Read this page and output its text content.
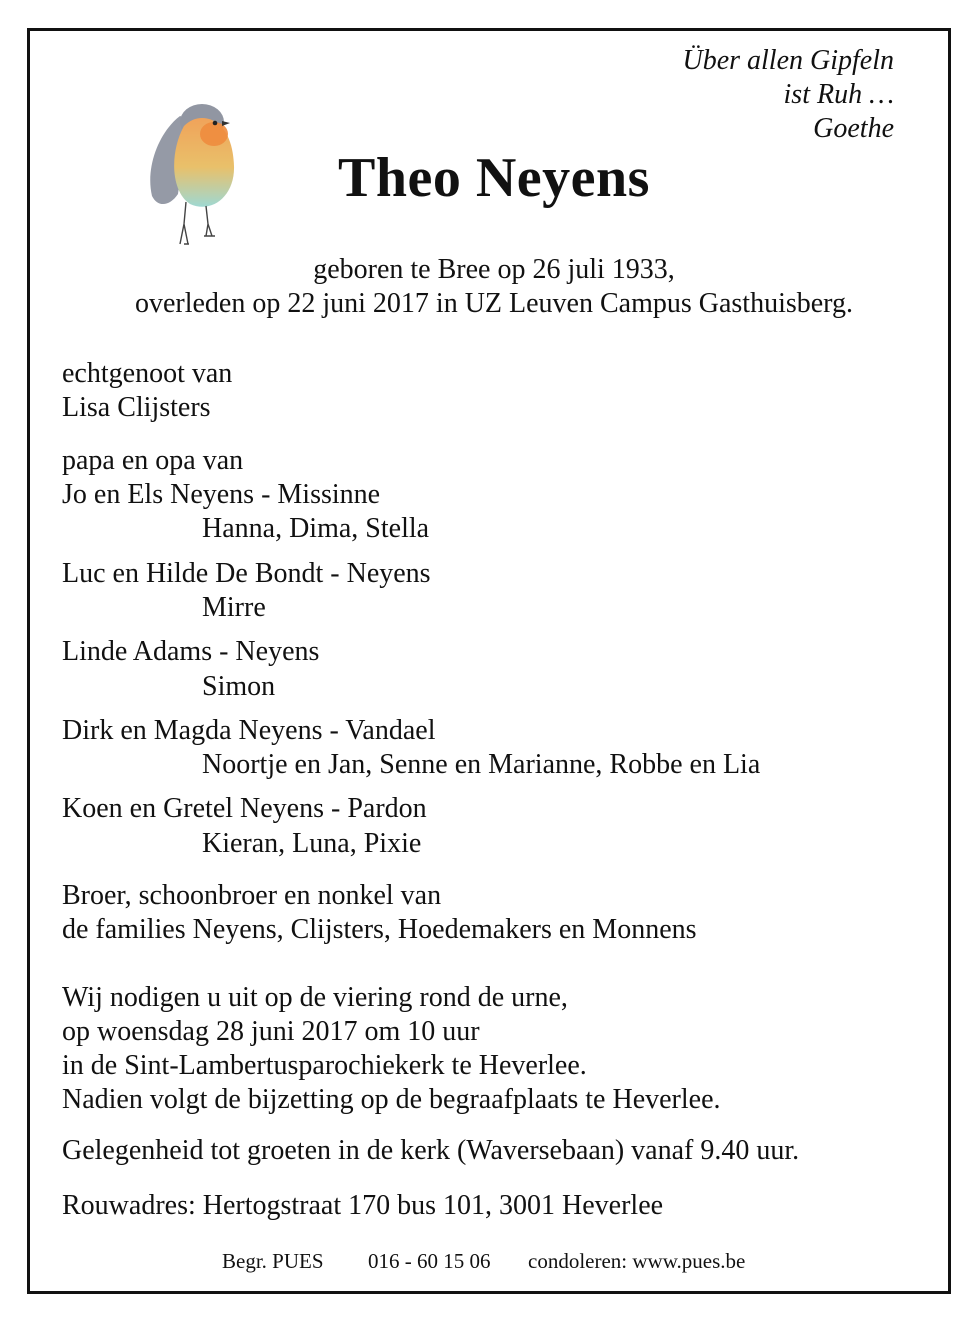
Über allen Gipfeln
ist Ruh …
Goethe
Theo Neyens
geboren te Bree op 26 juli 1933,
overleden op 22 juni 2017 in UZ Leuven Campus Gasthuisberg.
echtgenoot van
Lisa Clijsters
papa en opa van
Jo en Els Neyens - Missinne
Hanna, Dima, Stella
Luc en Hilde De Bondt - Neyens
Mirre
Linde Adams - Neyens
Simon
Dirk en Magda Neyens - Vandael
Noortje en Jan, Senne en Marianne, Robbe en Lia
Koen en Gretel Neyens - Pardon
Kieran, Luna, Pixie
Broer, schoonbroer en nonkel van
de families Neyens, Clijsters, Hoedemakers en Monnens
Wij nodigen u uit op de viering rond de urne,
op woensdag 28 juni 2017 om 10 uur
in de Sint-Lambertusparochiekerk te Heverlee.
Nadien volgt de bijzetting op de begraafplaats te Heverlee.
Gelegenheid tot groeten in de kerk (Waversebaan) vanaf 9.40 uur.
Rouwadres: Hertogstraat 170 bus 101, 3001 Heverlee
Begr. PUES 016 - 60 15 06 condoleren: www.pues.be
